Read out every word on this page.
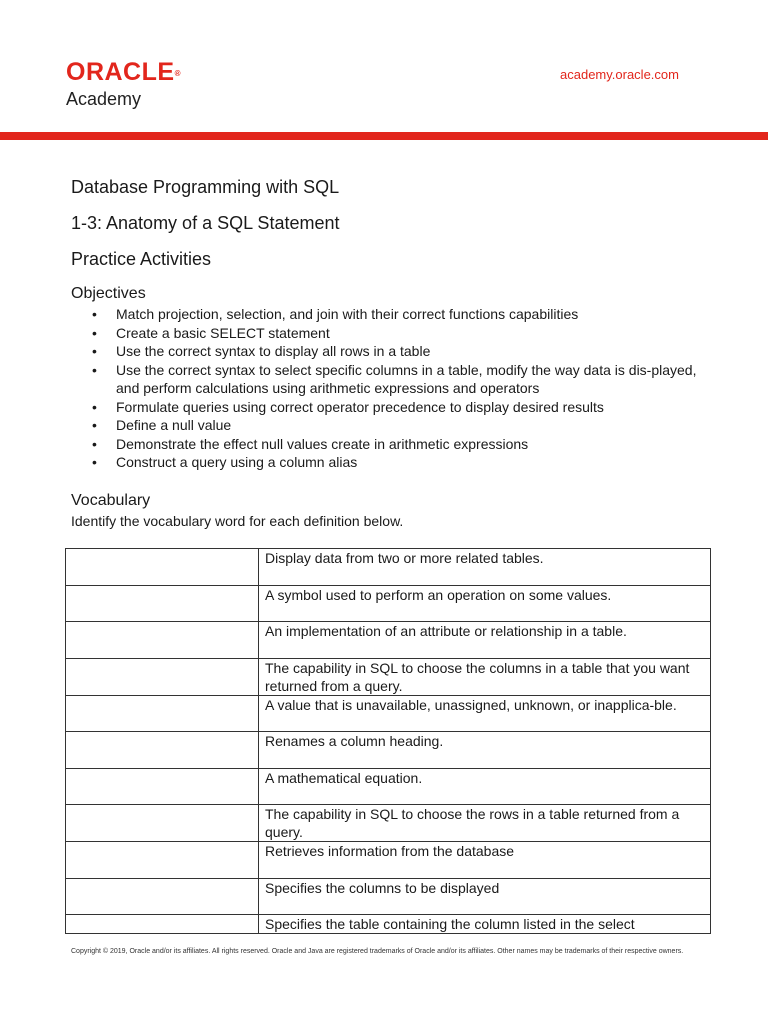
ORACLE®
Academy
academy.oracle.com
Database Programming with SQL
1-3: Anatomy of a SQL Statement
Practice Activities
Objectives
• Match projection, selection, and join with their correct functions capabilities
• Create a basic SELECT statement
• Use the correct syntax to display all rows in a table
• Use the correct syntax to select specific columns in a table, modify the way data is dis-played, and perform calculations using arithmetic expressions and operators
• Formulate queries using correct operator precedence to display desired results
• Define a null value
• Demonstrate the effect null values create in arithmetic expressions
• Construct a query using a column alias
Vocabulary
Identify the vocabulary word for each definition below.
	Display data from two or more related tables.
	A symbol used to perform an operation on some values.
	An implementation of an attribute or relationship in a table.
	The capability in SQL to choose the columns in a table that you want returned from a query.
	A value that is unavailable, unassigned, unknown, or inapplica-ble.
	Renames a column heading.
	A mathematical equation.
	The capability in SQL to choose the rows in a table returned from a query.
	Retrieves information from the database
	Specifies the columns to be displayed
	Specifies the table containing the column listed in the select
Copyright © 2019, Oracle and/or its affiliates. All rights reserved. Oracle and Java are registered trademarks of Oracle and/or its affiliates. Other names may be trademarks of their respective owners.
